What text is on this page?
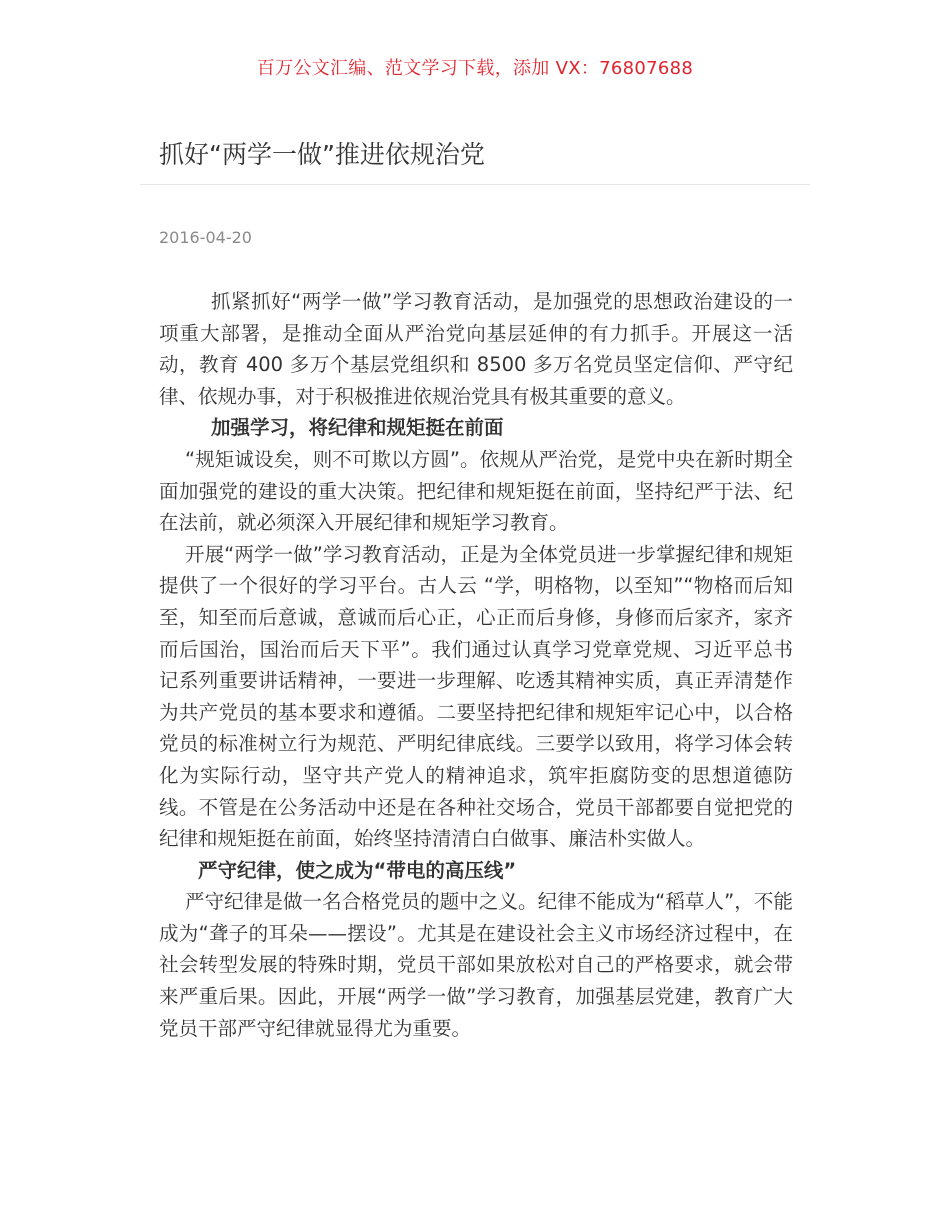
百万公文汇编、范文学习下载，添加 VX：76807688
抓好“两学一做”推进依规治党
2016-04-20

抓紧抓好“两学一做”学习教育活动，是加强党的思想政治建设的一项重大部署，是推动全面从严治党向基层延伸的有力抓手。开展这一活动，教育 400 多万个基层党组织和 8500 多万名党员坚定信仰、严守纪律、依规办事，对于积极推进依规治党具有极其重要的意义。

加强学习，将纪律和规矩挺在前面

“规矩诚设矣，则不可欺以方圆”。依规从严治党，是党中央在新时期全面加强党的建设的重大决策。把纪律和规矩挺在前面，坚持纪严于法、纪在法前，就必须深入开展纪律和规矩学习教育。

开展“两学一做”学习教育活动，正是为全体党员进一步掌握纪律和规矩提供了一个很好的学习平台。古人云 “学，明格物，以至知”“物格而后知至，知至而后意诚，意诚而后心正，心正而后身修，身修而后家齐，家齐而后国治，国治而后天下平”。我们通过认真学习党章党规、习近平总书记系列重要讲话精神，一要进一步理解、吃透其精神实质，真正弄清楚作为共产党员的基本要求和遵循。二要坚持把纪律和规矩牢记心中，以合格党员的标准树立行为规范、严明纪律底线。三要学以致用，将学习体会转化为实际行动，坚守共产党人的精神追求，筑牢拒腐防变的思想道德防线。不管是在公务活动中还是在各种社交场合，党员干部都要自觉把党的纪律和规矩挺在前面，始终坚持清清白白做事、廉洁朴实做人。

严守纪律，使之成为“带电的高压线”

严守纪律是做一名合格党员的题中之义。纪律不能成为“稻草人”，不能成为“聋子的耳朵——摆设”。尤其是在建设社会主义市场经济过程中，在社会转型发展的特殊时期，党员干部如果放松对自己的严格要求，就会带来严重后果。因此，开展“两学一做”学习教育，加强基层党建，教育广大党员干部严守纪律就显得尤为重要。
